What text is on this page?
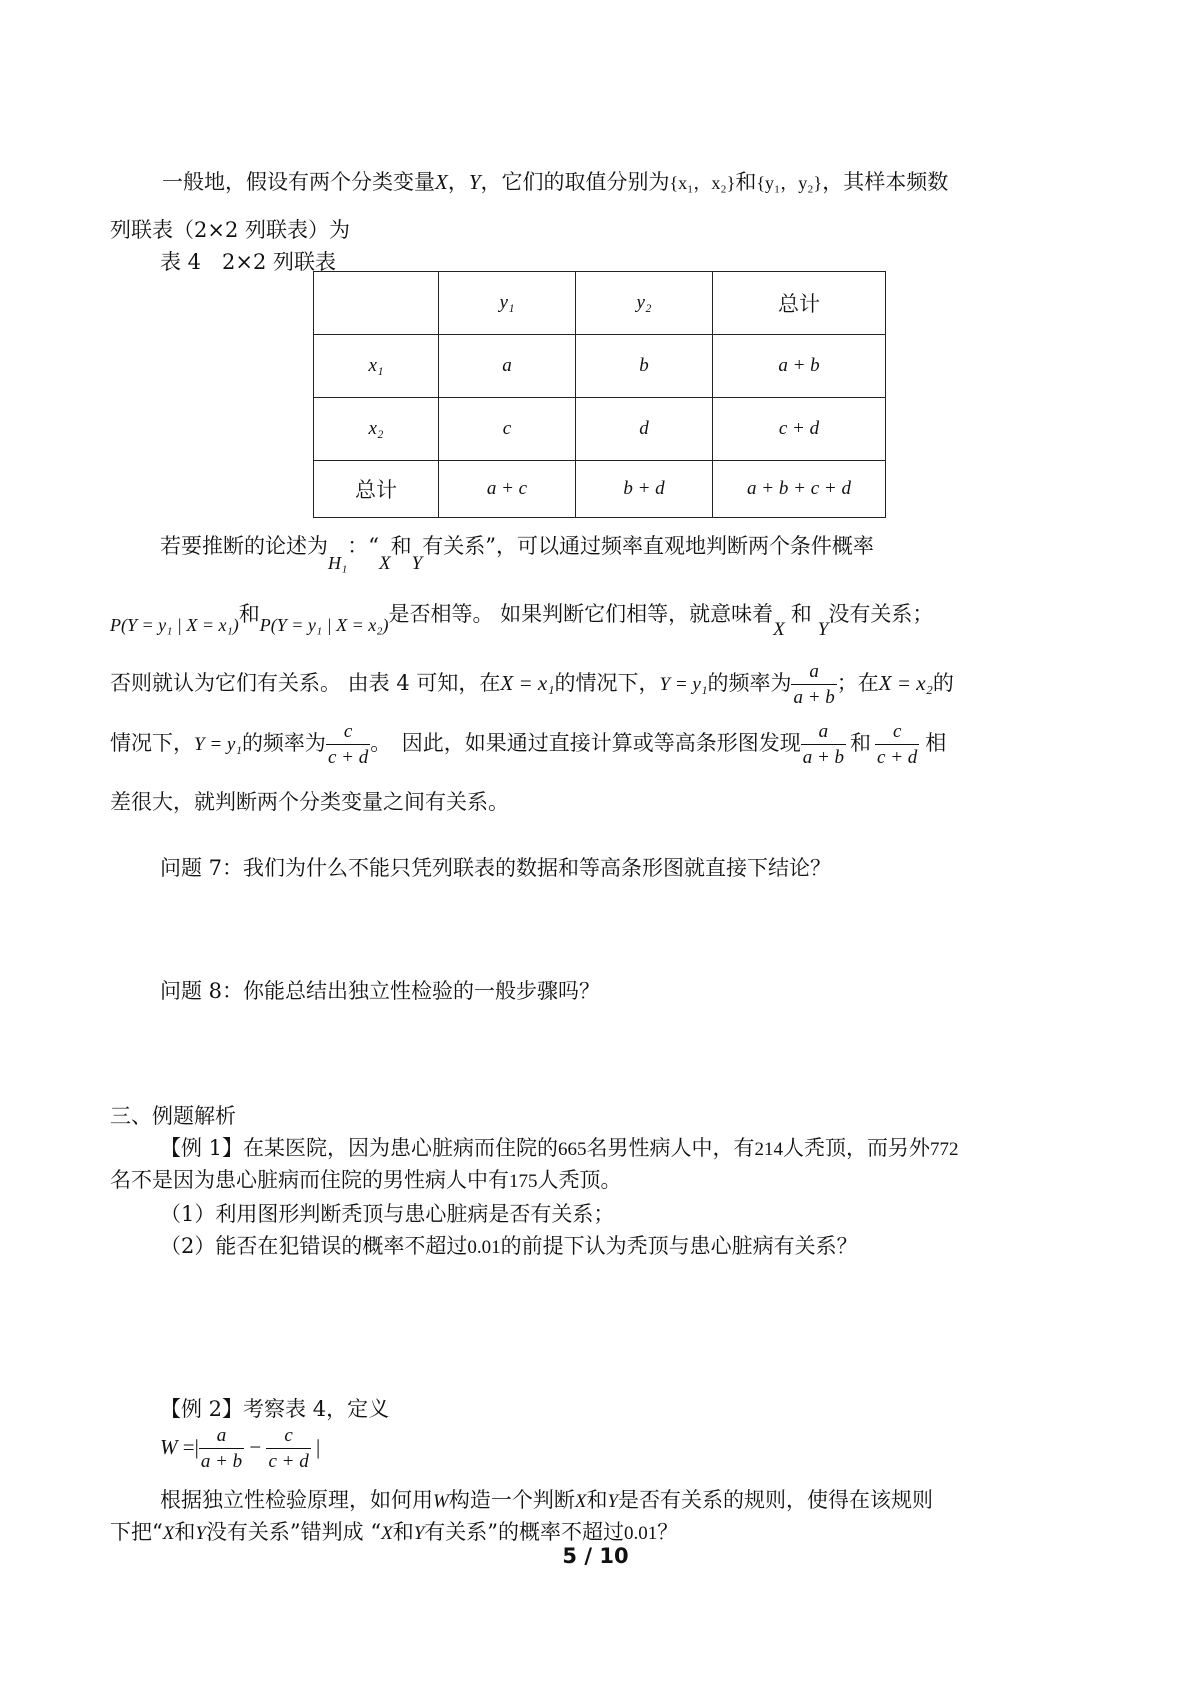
一般地，假设有两个分类变量X，Y，它们的取值分别为{x₁，x₂}和{y₁，y₂}，其样本频数
列联表（2×2 列联表）为
表 4　2×2 列联表
	y₁	y₂	总计
x₁	a	b	a + b
x₂	c	d	c + d
总计	a + c	b + d	a + b + c + d
若要推断的论述为H₁：“X和Y有关系”，可以通过频率直观地判断两个条件概率
P(Y = y₁ | X = x₁)和P(Y = y₁ | X = x₂)是否相等。 如果判断它们相等，就意味着X和Y没有关系；
否则就认为它们有关系。 由表 4 可知，在X = x₁的情况下，Y = y₁的频率为 $\frac{a}{a + b}$ ；在X = x₂的
情况下，Y = y₁的频率为 $\frac{c}{c + d}$ 。　因此，如果通过直接计算或等高条形图发现 $\frac{a}{a + b}$ 和 $\frac{c}{c + d}$ 相
差很大，就判断两个分类变量之间有关系。
问题 7：我们为什么不能只凭列联表的数据和等高条形图就直接下结论？
问题 8：你能总结出独立性检验的一般步骤吗？
三、例题解析
【例 1】在某医院，因为患心脏病而住院的665名男性病人中，有214人秃顶，而另外772
名不是因为患心脏病而住院的男性病人中有175人秃顶。
（1）利用图形判断秃顶与患心脏病是否有关系；
（2）能否在犯错误的概率不超过0.01的前提下认为秃顶与患心脏病有关系？
【例 2】考察表 4，定义
W =| $\frac{a}{a + b} - \frac{c}{c + d}$ |
根据独立性检验原理，如何用W构造一个判断X和Y是否有关系的规则，使得在该规则
下把“X和Y没有关系”错判成 “X和Y有关系”的概率不超过0.01？
5 / 10
